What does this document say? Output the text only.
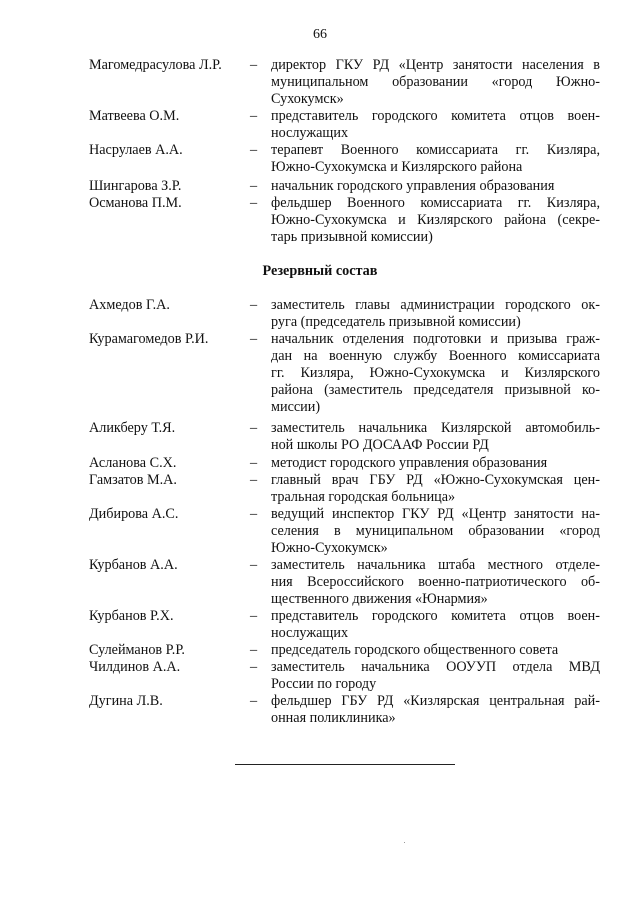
66
Магомедрасулова Л.Р. – директор ГКУ РД «Центр занятости населения в
муниципальном образовании «город Южно-
Сухокумск»
Матвеева О.М.	– представитель городского комитета отцов воен-
нослужащих
Насрулаев А.А.	– терапевт Военного комиссариата гг. Кизляра,
Южно-Сухокумска и Кизлярского района
Шингарова З.Р.	– начальник городского управления образования
Османова П.М.	– фельдшер Военного комиссариата гг. Кизляра,
Южно-Сухокумска и Кизлярского района (секре-
тарь призывной комиссии)
Резервный состав
Ахмедов Г.А.	– заместитель главы администрации городского ок-
руга (председатель призывной комиссии)
Курамагомедов Р.И.	– начальник отделения подготовки и призыва граж-
дан на военную службу Военного комиссариата
гг. Кизляра, Южно-Сухокумска и Кизлярского
района (заместитель председателя призывной ко-
миссии)
Аликберу Т.Я.	– заместитель начальника Кизлярской автомобиль-
ной школы РО ДОСААФ России РД
Асланова С.Х.	– методист городского управления образования
Гамзатов М.А.	– главный врач ГБУ РД «Южно-Сухокумская цен-
тральная городская больница»
Дибирова А.С.	– ведущий инспектор ГКУ РД «Центр занятости на-
селения в муниципальном образовании «город
Южно-Сухокумск»
Курбанов А.А.	– заместитель начальника штаба местного отделе-
ния Всероссийского военно-патриотического об-
щественного движения «Юнармия»
Курбанов Р.Х.	– представитель городского комитета отцов воен-
нослужащих
Сулейманов Р.Р.	– председатель городского общественного совета
Чилдинов А.А.	– заместитель начальника ООУУП отдела МВД
России по городу
Дугина Л.В.	– фельдшер ГБУ РД «Кизлярская центральная рай-
онная поликлиника»
